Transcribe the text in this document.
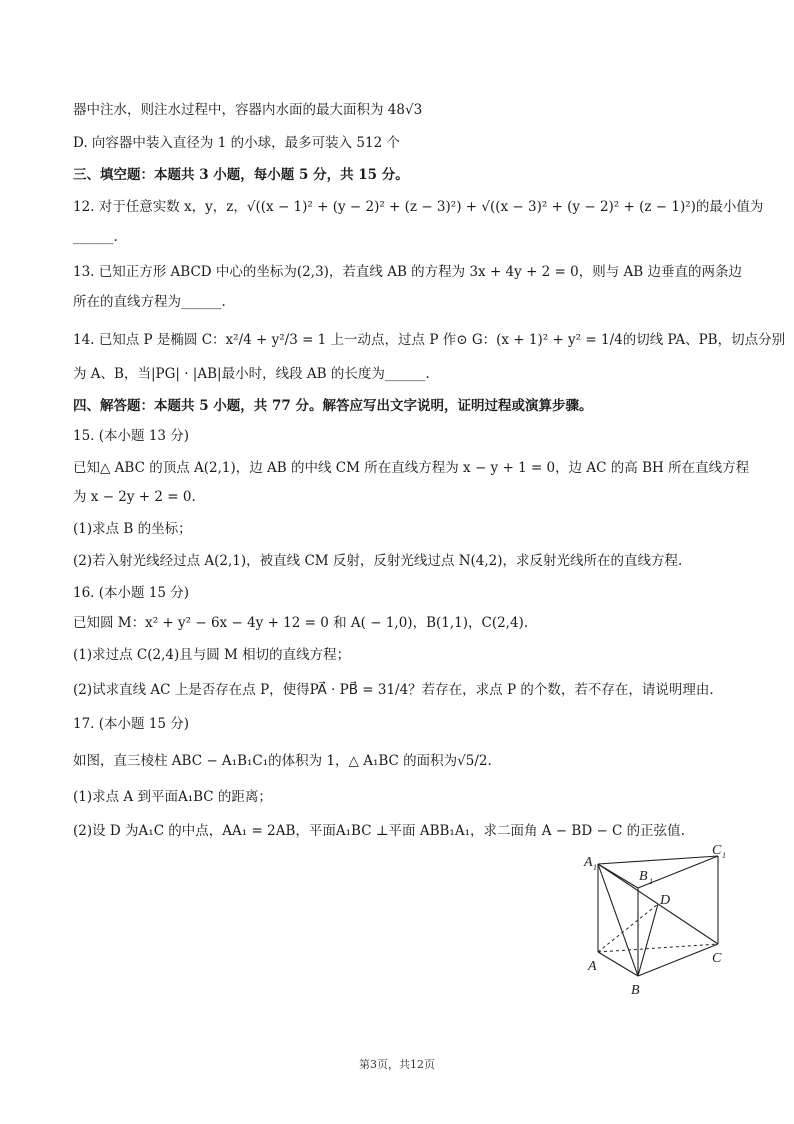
器中注水，则注水过程中，容器内水面的最大面积为 48√3
D. 向容器中装入直径为 1 的小球，最多可装入 512 个
三、填空题：本题共 3 小题，每小题 5 分，共 15 分。
12. 对于任意实数 x，y，z，√((x − 1)² + (y − 2)² + (z − 3)²) + √((x − 3)² + (y − 2)² + (z − 1)²)的最小值为
______.
13. 已知正方形 ABCD 中心的坐标为(2,3)，若直线 AB 的方程为 3x + 4y + 2 = 0，则与 AB 边垂直的两条边
所在的直线方程为______.
14. 已知点 P 是椭圆 C：x²/4 + y²/3 = 1 上一动点，过点 P 作⊙ G：(x + 1)² + y² = 1/4的切线 PA、PB，切点分别
为 A、B，当|PG| · |AB|最小时，线段 AB 的长度为______.
四、解答题：本题共 5 小题，共 77 分。解答应写出文字说明，证明过程或演算步骤。
15. (本小题 13 分)
已知△ ABC 的顶点 A(2,1)，边 AB 的中线 CM 所在直线方程为 x − y + 1 = 0，边 AC 的高 BH 所在直线方程
为 x − 2y + 2 = 0.
(1)求点 B 的坐标；
(2)若入射光线经过点 A(2,1)，被直线 CM 反射，反射光线过点 N(4,2)，求反射光线所在的直线方程.
16. (本小题 15 分)
已知圆 M：x² + y² − 6x − 4y + 12 = 0 和 A( − 1,0)，B(1,1)，C(2,4).
(1)求过点 C(2,4)且与圆 M 相切的直线方程；
(2)试求直线 AC 上是否存在点 P，使得PA⃗ · PB⃗ = 31/4？若存在，求点 P 的个数，若不存在，请说明理由.
17. (本小题 15 分)
如图，直三棱柱 ABC − A₁B₁C₁的体积为 1，△ A₁BC 的面积为√5/2.
(1)求点 A 到平面A₁BC 的距离；
(2)设 D 为A₁C 的中点，AA₁ = 2AB，平面A₁BC ⊥平面 ABB₁A₁，求二面角 A − BD − C 的正弦值.
A 1
B 1
C 1
D
A
B
C
第3页，共12页
